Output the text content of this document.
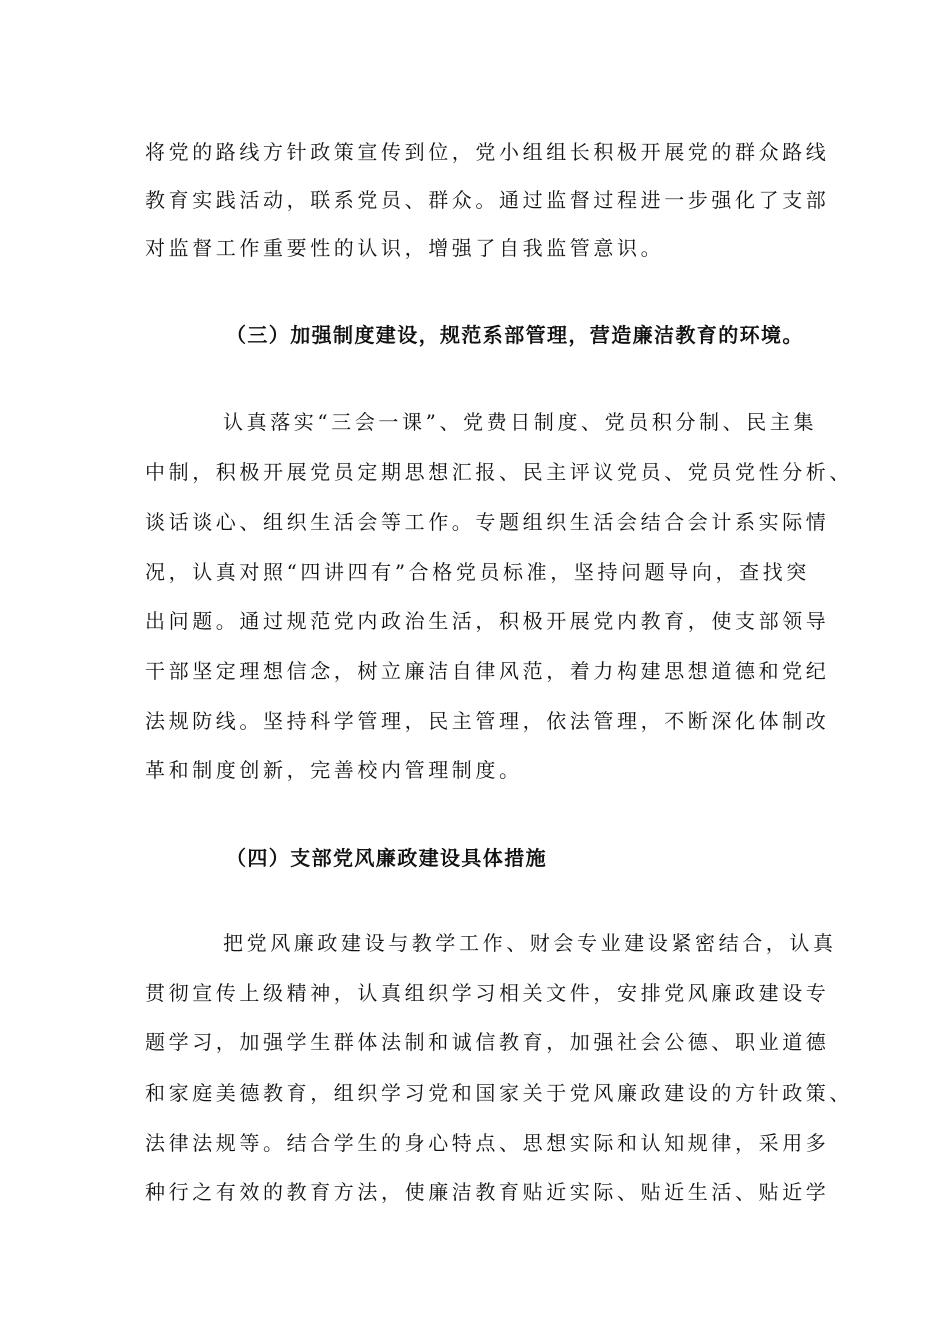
将党的路线方针政策宣传到位，党小组组长积极开展党的群众路线

教育实践活动，联系党员、群众。通过监督过程进一步强化了支部

对监督工作重要性的认识，增强了自我监管意识。

（三）加强制度建设，规范系部管理，营造廉洁教育的环境。

认真落实“三会一课”、党费日制度、党员积分制、民主集

中制，积极开展党员定期思想汇报、民主评议党员、党员党性分析、

谈话谈心、组织生活会等工作。专题组织生活会结合会计系实际情

况，认真对照“四讲四有”合格党员标准，坚持问题导向，查找突

出问题。通过规范党内政治生活，积极开展党内教育，使支部领导

干部坚定理想信念，树立廉洁自律风范，着力构建思想道德和党纪

法规防线。坚持科学管理，民主管理，依法管理，不断深化体制改

革和制度创新，完善校内管理制度。

（四）支部党风廉政建设具体措施

把党风廉政建设与教学工作、财会专业建设紧密结合，认真

贯彻宣传上级精神，认真组织学习相关文件，安排党风廉政建设专

题学习，加强学生群体法制和诚信教育，加强社会公德、职业道德

和家庭美德教育，组织学习党和国家关于党风廉政建设的方针政策、

法律法规等。结合学生的身心特点、思想实际和认知规律，采用多

种行之有效的教育方法，使廉洁教育贴近实际、贴近生活、贴近学
